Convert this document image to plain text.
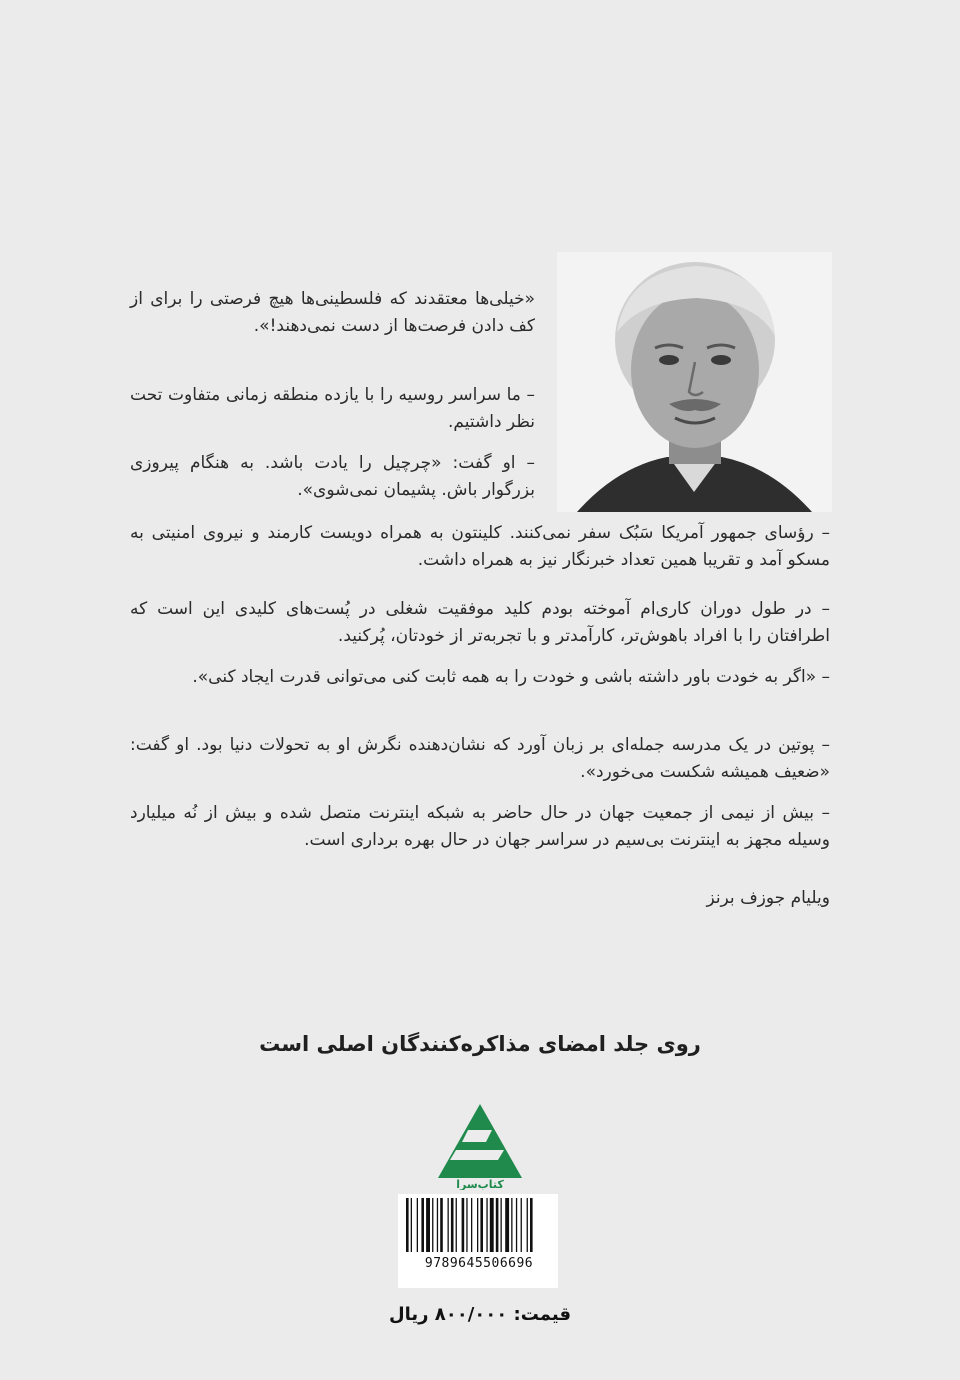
«خیلی‌ها معتقدند که فلسطینی‌ها هیچ فرصتی را برای از کف دادن فرصت‌ها از دست نمی‌دهند!».

– ما سراسر روسیه را با یازده منطقه زمانی متفاوت تحت نظر داشتیم.

– او گفت: «چرچیل را یادت باشد. به هنگام پیروزی بزرگوار باش. پشیمان نمی‌شوی».

– رؤسای جمهور آمریکا سَبُک سفر نمی‌کنند. کلینتون به همراه دویست کارمند و نیروی امنیتی به مسکو آمد و تقریبا همین تعداد خبرنگار نیز به همراه داشت.

– در طول دوران کاری‌ام آموخته بودم کلید موفقیت شغلی در پُست‌های کلیدی این است که اطرافتان را با افراد باهوش‌تر، کارآمدتر و با تجربه‌تر از خودتان، پُرکنید.

– «اگر به خودت باور داشته باشی و خودت را به همه ثابت کنی می‌توانی قدرت ایجاد کنی».

– پوتین در یک مدرسه جمله‌ای بر زبان آورد که نشان‌دهنده نگرش او به تحولات دنیا بود. او گفت: «ضعیف همیشه شکست می‌خورد».

– بیش از نیمی از جمعیت جهان در حال حاضر به شبکه اینترنت متصل شده و بیش از نُه میلیارد وسیله مجهز به اینترنت بی‌سیم در سراسر جهان در حال بهره برداری است.

ویلیام جوزف برنز
روی جلد امضای مذاکره‌کنندگان اصلی است
کتاب‌سرا
9789645506696
قیمت: ۸۰۰/۰۰۰ ریال
